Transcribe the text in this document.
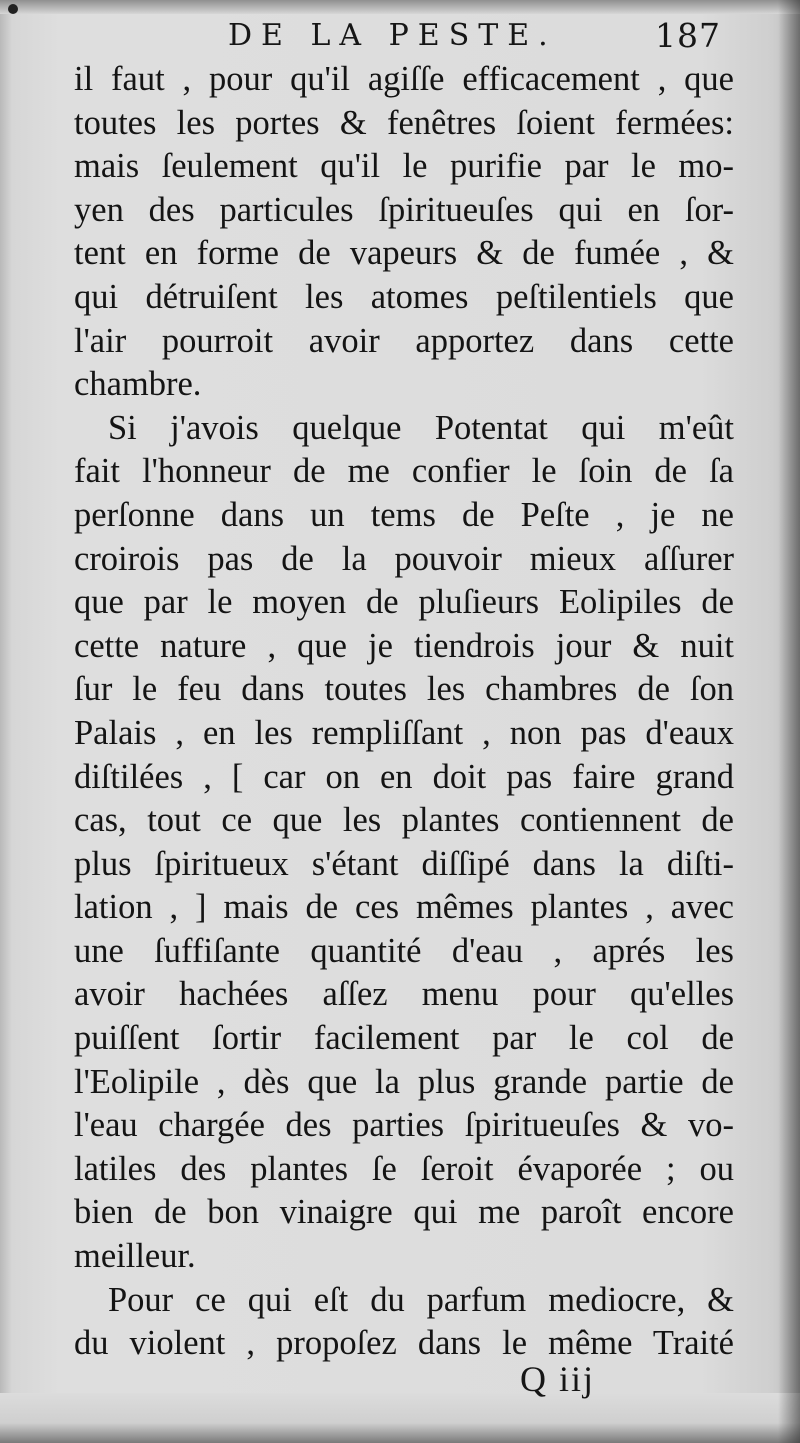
DE LA PESTE.	187
il faut , pour qu'il agiſſe efficacement , que
toutes les portes & fenêtres ſoient fermées:
mais ſeulement qu'il le purifie par le mo-
yen des particules ſpiritueuſes qui en ſor-
tent en forme de vapeurs & de fumée , &
qui détruiſent les atomes peſtilentiels que
l'air pourroit avoir apportez dans cette
chambre.
Si j'avois quelque Potentat qui m'eût
fait l'honneur de me confier le ſoin de ſa
perſonne dans un tems de Peſte , je ne
croirois pas de la pouvoir mieux aſſurer
que par le moyen de pluſieurs Eolipiles de
cette nature , que je tiendrois jour & nuit
ſur le feu dans toutes les chambres de ſon
Palais , en les rempliſſant , non pas d'eaux
diſtilées , [ car on en doit pas faire grand
cas, tout ce que les plantes contiennent de
plus ſpiritueux s'étant diſſipé dans la diſti-
lation , ] mais de ces mêmes plantes , avec
une ſuffiſante quantité d'eau , aprés les
avoir hachées aſſez menu pour qu'elles
puiſſent ſortir facilement par le col de
l'Eolipile , dès que la plus grande partie de
l'eau chargée des parties ſpiritueuſes & vo-
latiles des plantes ſe ſeroit évaporée ; ou
bien de bon vinaigre qui me paroît encore
meilleur.
Pour ce qui eſt du parfum mediocre, &
du violent , propoſez dans le même Traité
Q iij
